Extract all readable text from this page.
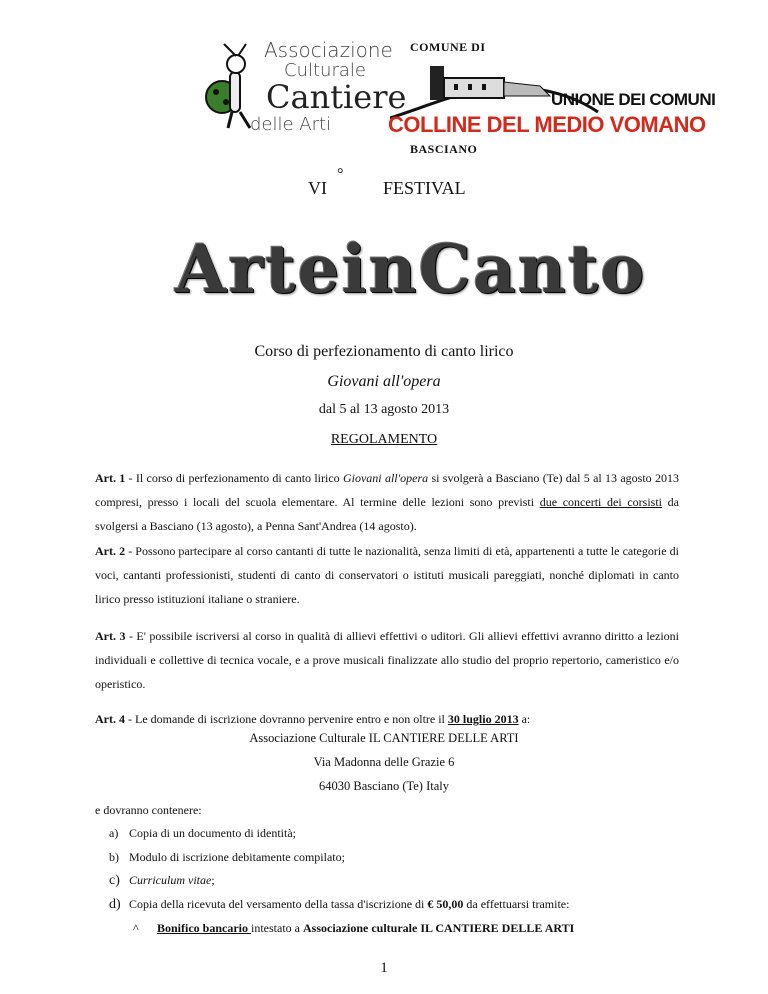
Associazione
Culturale
Cantiere
delle Arti
COMUNE DI
UNIONE DEI COMUNI
COLLINE DEL MEDIO VOMANO
BASCIANO
VI
°
FESTIVAL
ArteinCanto
Corso di perfezionamento di canto lirico
Giovani all'opera
dal 5 al 13 agosto 2013
REGOLAMENTO
Art. 1 - Il corso di perfezionamento di canto lirico Giovani all'opera si svolgerà a Basciano (Te) dal 5 al 13 agosto 2013 compresi, presso i locali del scuola elementare. Al termine delle lezioni sono previsti due concerti dei corsisti da svolgersi a Basciano (13 agosto), a Penna Sant'Andrea (14 agosto).
Art. 2 - Possono partecipare al corso cantanti di tutte le nazionalità, senza limiti di età, appartenenti a tutte le categorie di voci, cantanti professionisti, studenti di canto di conservatori o istituti musicali pareggiati, nonché diplomati in canto lirico presso istituzioni italiane o straniere.
Art. 3 - E' possibile iscriversi al corso in qualità di allievi effettivi o uditori. Gli allievi effettivi avranno diritto a lezioni individuali e collettive di tecnica vocale, e a prove musicali finalizzate allo studio del proprio repertorio, cameristico e/o operistico.
Art. 4 - Le domande di iscrizione dovranno pervenire entro e non oltre il 30 luglio 2013 a:
Associazione Culturale IL CANTIERE DELLE ARTI
Via Madonna delle Grazie 6
64030 Basciano (Te) Italy
e dovranno contenere:
a) Copia di un documento di identità;
b) Modulo di iscrizione debitamente compilato;
c) Curriculum vitae;
d) Copia della ricevuta del versamento della tassa d'iscrizione di € 50,00 da effettuarsi tramite:
^ Bonifico bancario intestato a Associazione culturale IL CANTIERE DELLE ARTI
1
